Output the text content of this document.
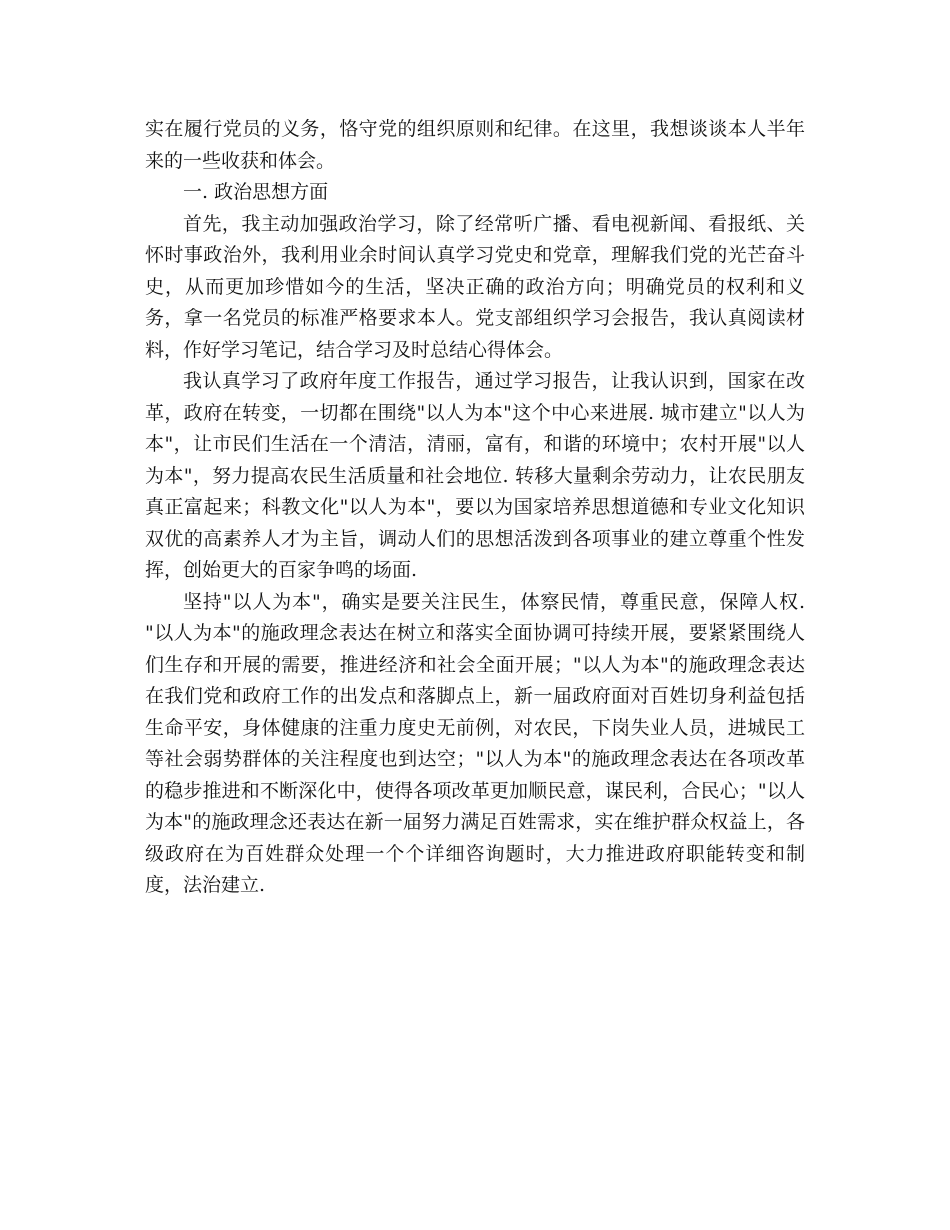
实在履行党员的义务，恪守党的组织原则和纪律。在这里，我想谈谈本人半年来的一些收获和体会。

一. 政治思想方面

首先，我主动加强政治学习，除了经常听广播、看电视新闻、看报纸、关怀时事政治外，我利用业余时间认真学习党史和党章，理解我们党的光芒奋斗史，从而更加珍惜如今的生活，坚决正确的政治方向；明确党员的权利和义务，拿一名党员的标准严格要求本人。党支部组织学习会报告，我认真阅读材料，作好学习笔记，结合学习及时总结心得体会。

我认真学习了政府年度工作报告，通过学习报告，让我认识到，国家在改革，政府在转变，一切都在围绕"以人为本"这个中心来进展. 城市建立"以人为本"，让市民们生活在一个清洁，清丽，富有，和谐的环境中；农村开展"以人为本"，努力提高农民生活质量和社会地位. 转移大量剩余劳动力，让农民朋友真正富起来；科教文化"以人为本"，要以为国家培养思想道德和专业文化知识双优的高素养人才为主旨，调动人们的思想活泼到各项事业的建立尊重个性发挥，创始更大的百家争鸣的场面.

坚持"以人为本"，确实是要关注民生，体察民情，尊重民意，保障人权. "以人为本"的施政理念表达在树立和落实全面协调可持续开展，要紧紧围绕人们生存和开展的需要，推进经济和社会全面开展；"以人为本"的施政理念表达在我们党和政府工作的出发点和落脚点上，新一届政府面对百姓切身利益包括生命平安，身体健康的注重力度史无前例，对农民，下岗失业人员，进城民工等社会弱势群体的关注程度也到达空；"以人为本"的施政理念表达在各项改革的稳步推进和不断深化中，使得各项改革更加顺民意，谋民利，合民心；"以人为本"的施政理念还表达在新一届努力满足百姓需求，实在维护群众权益上，各级政府在为百姓群众处理一个个详细咨询题时，大力推进政府职能转变和制度，法治建立.
